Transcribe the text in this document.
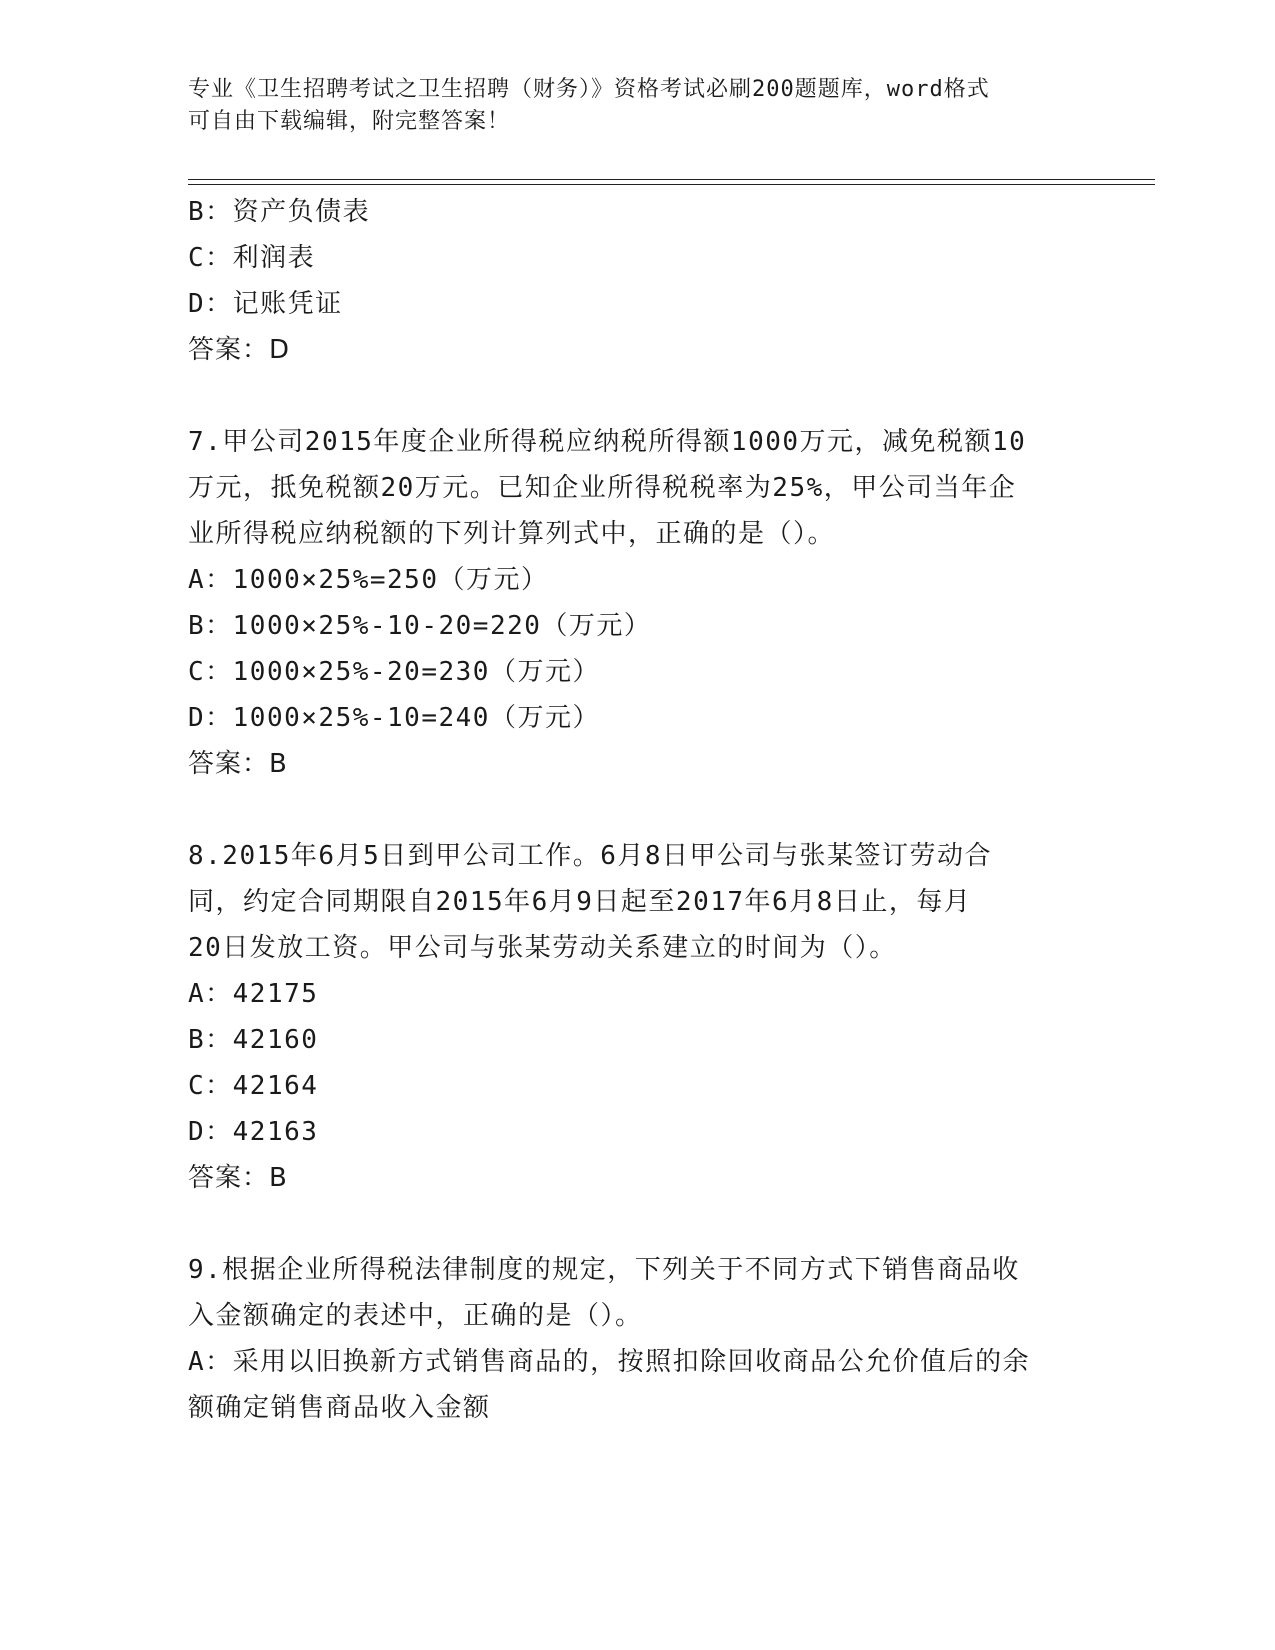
专业《卫生招聘考试之卫生招聘（财务）》资格考试必刷200题题库，word格式
可自由下载编辑，附完整答案！
B：资产负债表
C：利润表
D：记账凭证
答案：D
7.甲公司2015年度企业所得税应纳税所得额1000万元，减免税额10
万元，抵免税额20万元。已知企业所得税税率为25%，甲公司当年企
业所得税应纳税额的下列计算列式中，正确的是（）。
A：1000×25%=250（万元）
B：1000×25%-10-20=220（万元）
C：1000×25%-20=230（万元）
D：1000×25%-10=240（万元）
答案：B
8.2015年6月5日到甲公司工作。6月8日甲公司与张某签订劳动合
同，约定合同期限自2015年6月9日起至2017年6月8日止，每月
20日发放工资。甲公司与张某劳动关系建立的时间为（）。
A：42175
B：42160
C：42164
D：42163
答案：B
9.根据企业所得税法律制度的规定，下列关于不同方式下销售商品收
入金额确定的表述中，正确的是（）。
A：采用以旧换新方式销售商品的，按照扣除回收商品公允价值后的余
额确定销售商品收入金额
